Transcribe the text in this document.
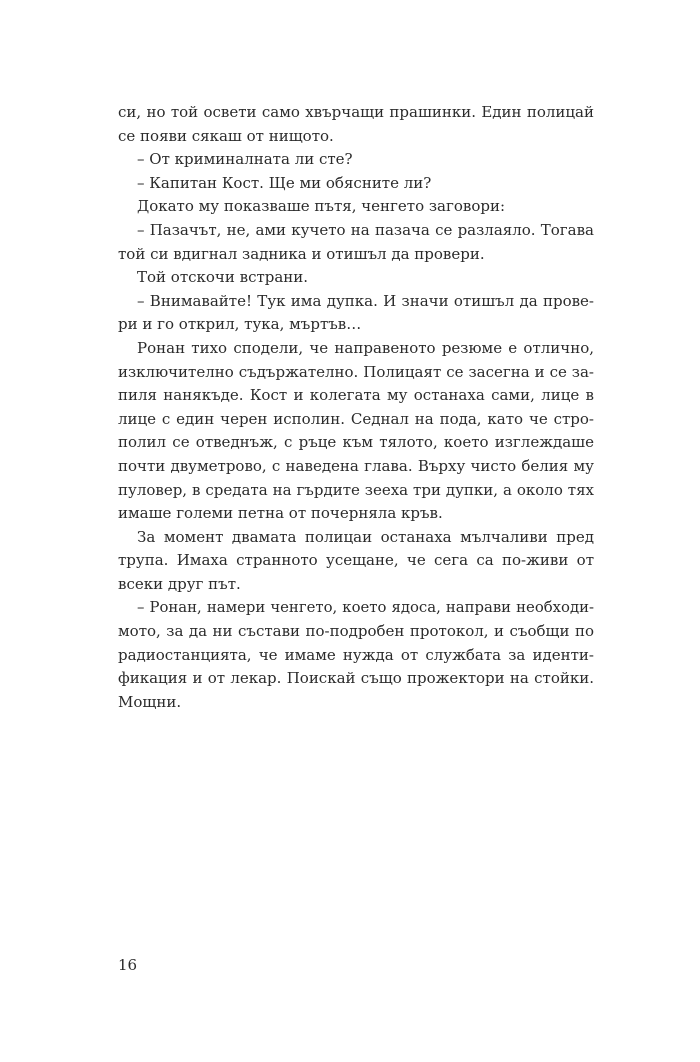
си, но той освети само хвърчащи прашинки. Един полицай
се появи сякаш от нищото.
– От криминалната ли сте?
– Капитан Кост. Ще ми обясните ли?
Докато му показваше пътя, ченгето заговори:
– Пазачът, не, ами кучето на пазача се разлаяло. Тогава
той си вдигнал задника и отишъл да провери.
Той отскочи встрани.
– Внимавайте! Тук има дупка. И значи отишъл да прове-
ри и го открил, тука, мъртъв…
Ронан тихо сподели, че направеното резюме е отлично,
изключително съдържателно. Полицаят се засегна и се за-
пиля нанякъде. Кост и колегата му останаха сами, лице в
лице с един черен исполин. Седнал на пода, като че стро-
полил се отведнъж, с ръце към тялото, което изглеждаше
почти двуметрово, с наведена глава. Върху чисто белия му
пуловер, в средата на гърдите зееха три дупки, а около тях
имаше големи петна от почерняла кръв.
За момент двамата полицаи останаха мълчаливи пред
трупа. Имаха странното усещане, че сега са по-живи от
всеки друг път.
– Ронан, намери ченгето, което ядоса, направи необходи-
мото, за да ни състави по-подробен протокол, и съобщи по
радиостанцията, че имаме нужда от службата за иденти-
фикация и от лекар. Поискай също прожектори на стойки.
Мощни.
16
